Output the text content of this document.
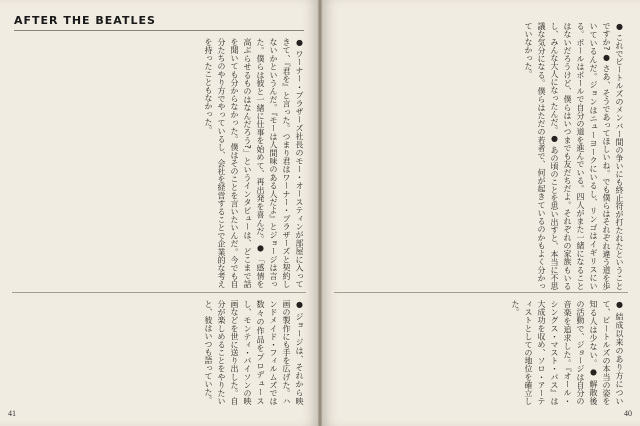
AFTER THE BEATLES
● ワーナー・ブラザーズ社長のモー・オースティンが部屋に入ってきて、『君を』と言った。つまり君はワーナー・ブラザーズと契約しないかというんだ。『モーは人間味のある人だよ』とジョージは言った。僕らは彼と一緒に仕事を始めて、再出発を喜んだ。● 「感情を高ぶらせるものはなんだろう?」というインタビューは、どこまで話を聞いても分からなかった。僕はそのことを言いたいんだ。今でも自分たちのやり方でやっているし、会社を経営することで企業的な考えを持ったこともなかった。
● ジョージは、それから映画の製作にも手を広げた。ハンドメイド・フィルムズでは数々の作品をプロデュースし、モンティ・パイソンの映画などを世に送り出した。自分が楽しめることをやりたいと、彼はいつも語っていた。
41
● これでビートルズのメンバー間の争いにも終止符が打たれたということですか? ● さあ、そうであってほしいね。でも僕らはそれぞれ違う道を歩いているんだ。ジョンはニューヨークにいるし、リンゴはイギリスにいる。ポールはポールで自分の道を進んでいる。四人がまた一緒になることはないだろうけど、僕らはいつまでも友だちだよ。それぞれの家族もいるし、みんな大人になったんだ。● あの頃のことを思い出すと、本当に不思議な気分になる。僕らはただの若者で、何が起きているのかもよく分かっていなかった。
● 結成以来のあり方について、ビートルズの本当の姿を知る人は少ない。● 解散後の活動で、ジョージは自分の音楽を追求した。『オール・シングス・マスト・パス』は大成功を収め、ソロ・アーティストとしての地位を確立した。
40
